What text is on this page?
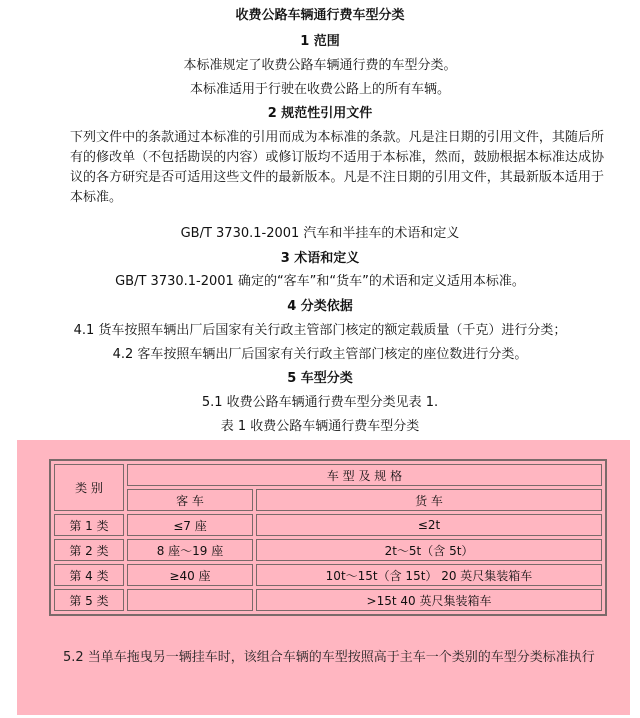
收费公路车辆通行费车型分类
1 范围
本标准规定了收费公路车辆通行费的车型分类。
本标准适用于行驶在收费公路上的所有车辆。
2 规范性引用文件
下列文件中的条款通过本标准的引用而成为本标准的条款。凡是注日期的引用文件，其随后所有的修改单（不包括勘误的内容）或修订版均不适用于本标准，然而，鼓励根据本标准达成协议的各方研究是否可适用这些文件的最新版本。凡是不注日期的引用文件，其最新版本适用于本标准。
GB/T 3730.1-2001 汽车和半挂车的术语和定义
3 术语和定义
GB/T 3730.1-2001 确定的“客车”和“货车”的术语和定义适用本标准。
4 分类依据
4.1 货车按照车辆出厂后国家有关行政主管部门核定的额定载质量（千克）进行分类；
4.2 客车按照车辆出厂后国家有关行政主管部门核定的座位数进行分类。
5 车型分类
5.1 收费公路车辆通行费车型分类见表 1.
表 1 收费公路车辆通行费车型分类
类 别	车 型 及 规 格	
	客 车	货 车
第 1 类	≤7 座	≤2t
第 2 类	8 座～19 座	2t～5t（含 5t）
第 4 类	≥40 座	10t～15t（含 15t） 20 英尺集装箱车
第 5 类		>15t 40 英尺集装箱车
5.2 当单车拖曳另一辆挂车时，该组合车辆的车型按照高于主车一个类别的车型分类标准执行
